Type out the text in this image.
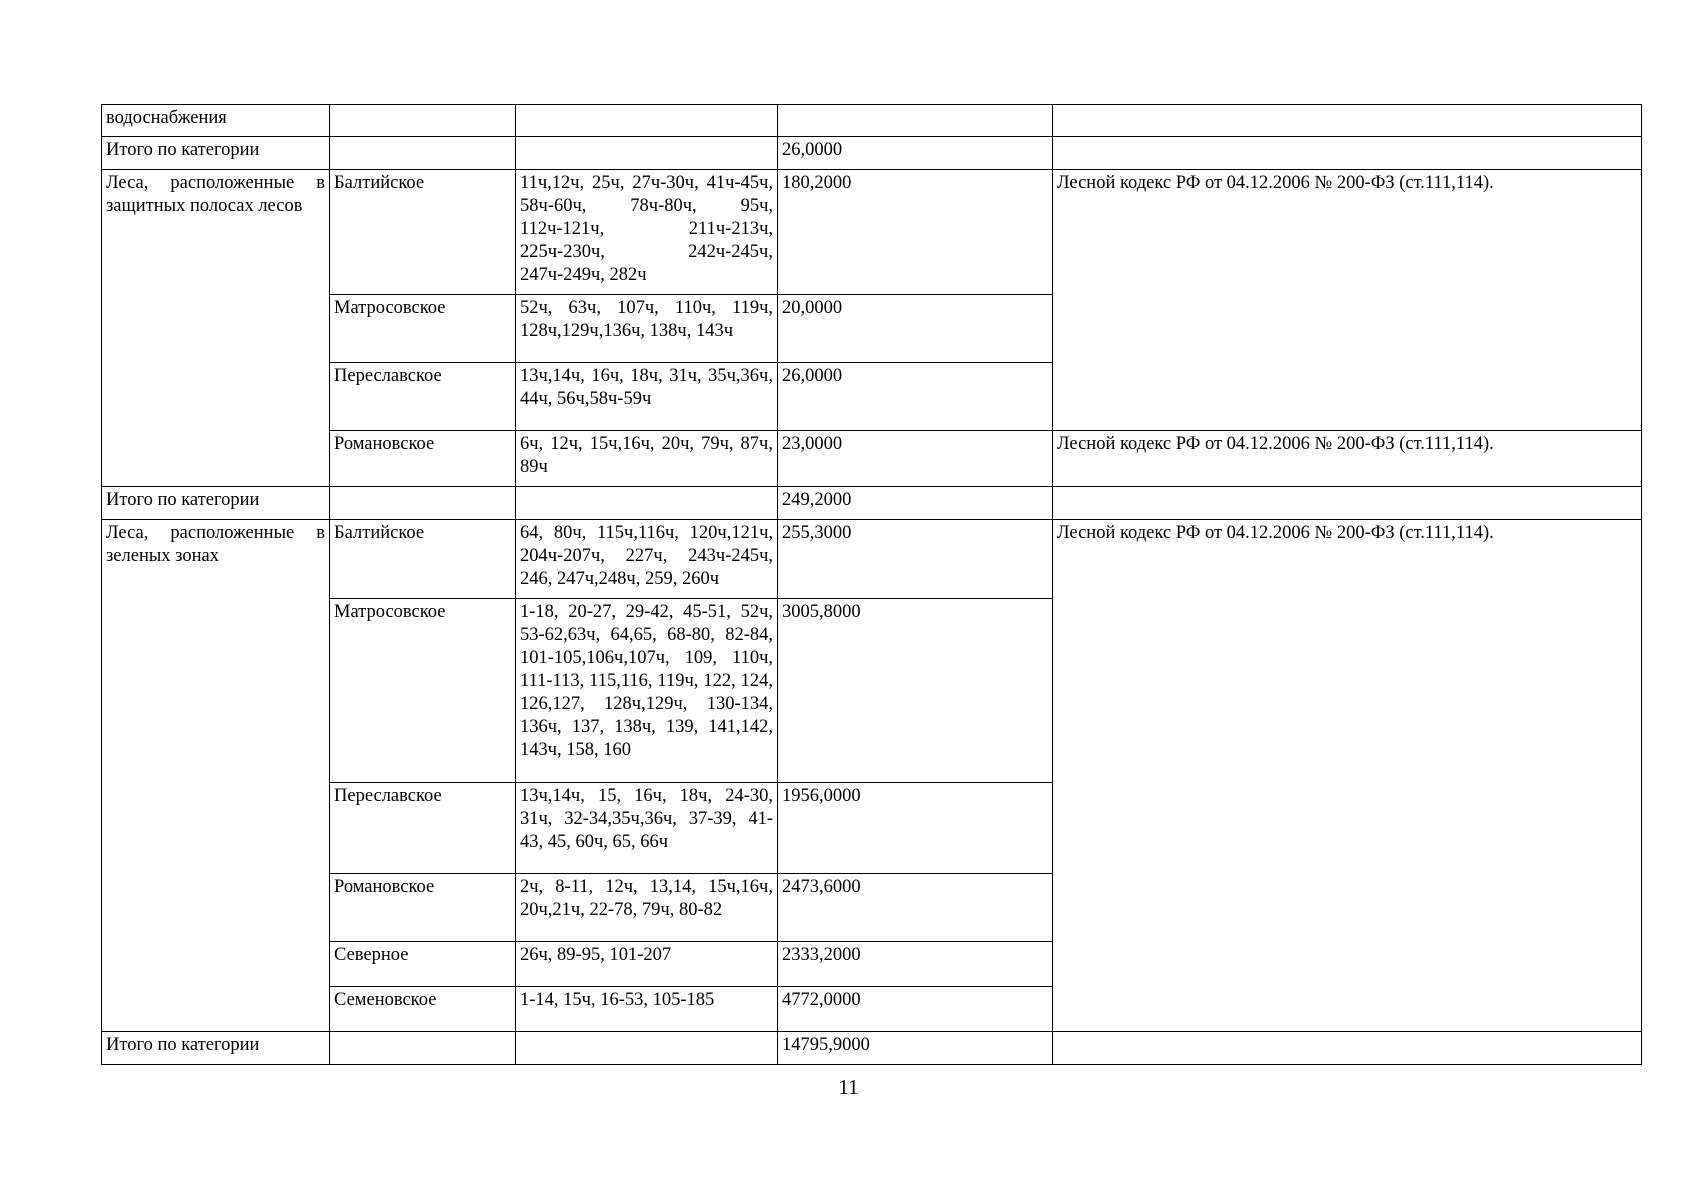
водоснабжения				
Итого по категории			26,0000	
Леса, расположенные в защитных полосах лесов	Балтийское	11ч,12ч, 25ч, 27ч-30ч, 41ч-45ч, 58ч-60ч, 78ч-80ч, 95ч, 112ч-121ч, 211ч-213ч, 225ч-230ч, 242ч-245ч, 247ч-249ч, 282ч	180,2000	Лесной кодекс РФ от 04.12.2006 № 200-ФЗ (ст.111,114).
	Матросовское	52ч, 63ч, 107ч, 110ч, 119ч, 128ч,129ч,136ч, 138ч, 143ч	20,0000	
	Переславское	13ч,14ч, 16ч, 18ч, 31ч, 35ч,36ч, 44ч, 56ч,58ч-59ч	26,0000	
	Романовское	6ч, 12ч, 15ч,16ч, 20ч, 79ч, 87ч, 89ч	23,0000	Лесной кодекс РФ от 04.12.2006 № 200-ФЗ (ст.111,114).
Итого по категории			249,2000	
Леса, расположенные в зеленых зонах	Балтийское	64, 80ч, 115ч,116ч, 120ч,121ч, 204ч-207ч, 227ч, 243ч-245ч, 246, 247ч,248ч, 259, 260ч	255,3000	Лесной кодекс РФ от 04.12.2006 № 200-ФЗ (ст.111,114).
	Матросовское	1-18, 20-27, 29-42, 45-51, 52ч, 53-62,63ч, 64,65, 68-80, 82-84, 101-105,106ч,107ч, 109, 110ч, 111-113, 115,116, 119ч, 122, 124, 126,127, 128ч,129ч, 130-134, 136ч, 137, 138ч, 139, 141,142, 143ч, 158, 160	3005,8000	
	Переславское	13ч,14ч, 15, 16ч, 18ч, 24-30, 31ч, 32-34,35ч,36ч, 37-39, 41-43, 45, 60ч, 65, 66ч	1956,0000	
	Романовское	2ч, 8-11, 12ч, 13,14, 15ч,16ч, 20ч,21ч, 22-78, 79ч, 80-82	2473,6000	
	Северное	26ч, 89-95, 101-207	2333,2000	
	Семеновское	1-14, 15ч, 16-53, 105-185	4772,0000	
Итого по категории			14795,9000	
11
